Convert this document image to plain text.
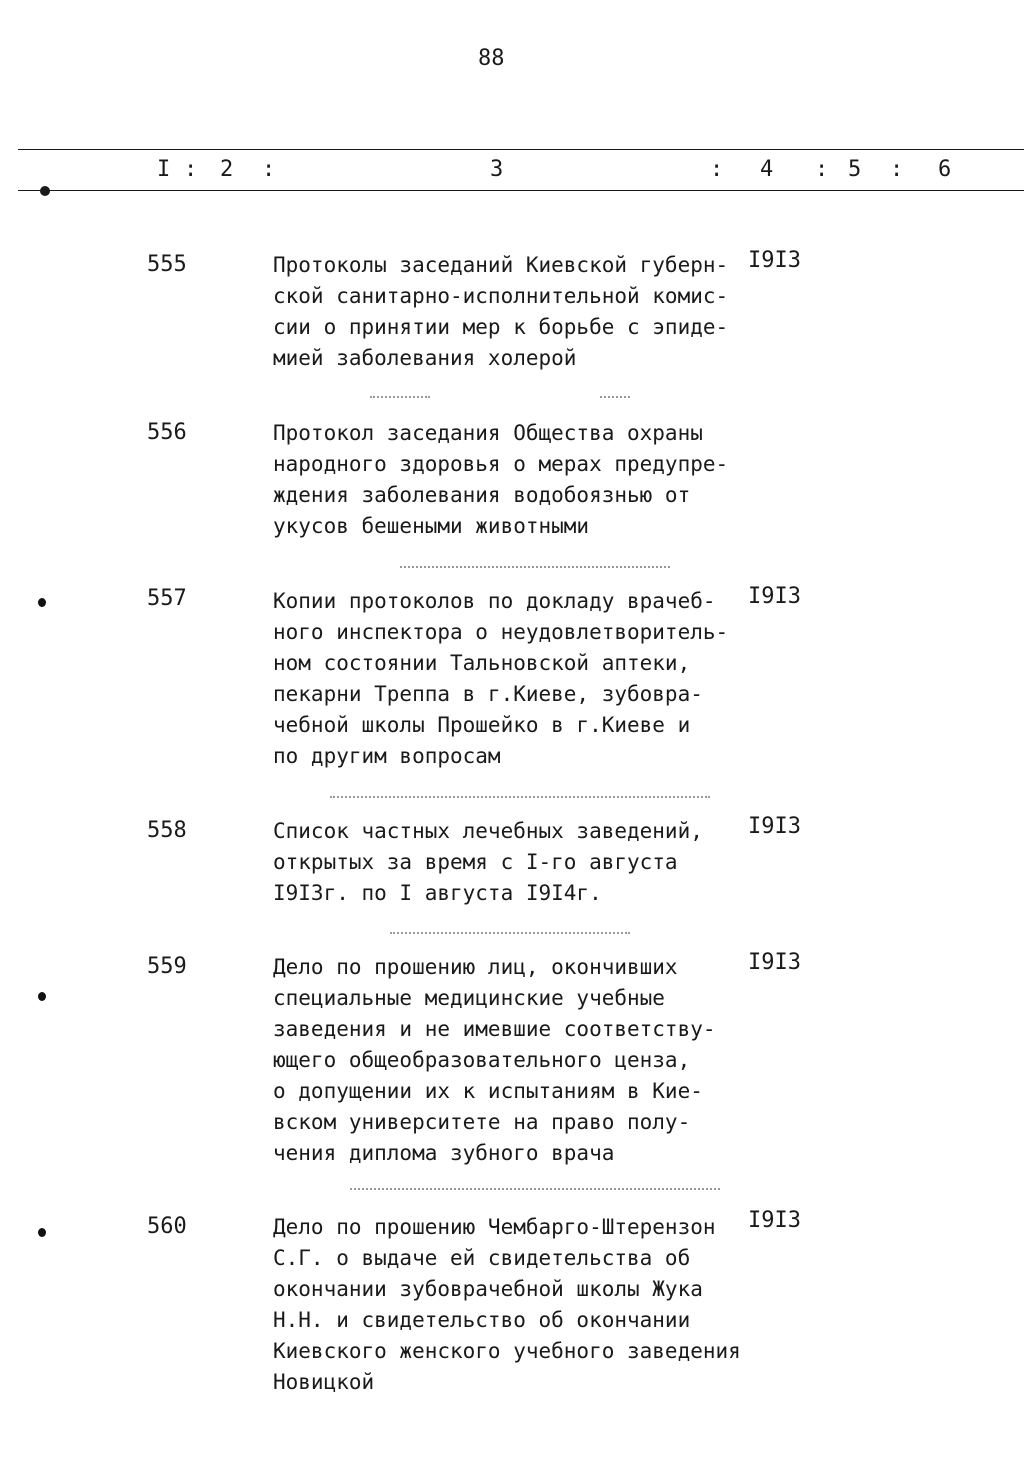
88
I : 2 :	3	: 4 : 5 : 6
555	Протоколы заседаний Киевской губерн-
ской санитарно-исполнительной комис-
сии о принятии мер к борьбе с эпиде-
мией заболевания холерой
I9I3
556	Протокол заседания Общества охраны
народного здоровья о мерах предупре-
ждения заболевания водобоязнью от
укусов бешеными животными
557	Копии протоколов по докладу врачеб-
ного инспектора о неудовлетворитель-
ном состоянии Тальновской аптеки,
пекарни Треппа в г.Киеве, зубовра-
чебной школы Прошейко в г.Киеве и
по другим вопросам
I9I3
558	Список частных лечебных заведений,
открытых за время с I-го августа
I9I3г. по I августа I9I4г.
I9I3
559	Дело по прошению лиц, окончивших
специальные медицинские учебные
заведения и не имевшие соответству-
ющего общеобразовательного ценза,
о допущении их к испытаниям в Кие-
вском университете на право полу-
чения диплома зубного врача
I9I3
560	Дело по прошению Чембарго-Штерензон
С.Г. о выдаче ей свидетельства об
окончании зубоврачебной школы Жука
Н.Н. и свидетельство об окончании
Киевского женского учебного заведения
Новицкой
I9I3
